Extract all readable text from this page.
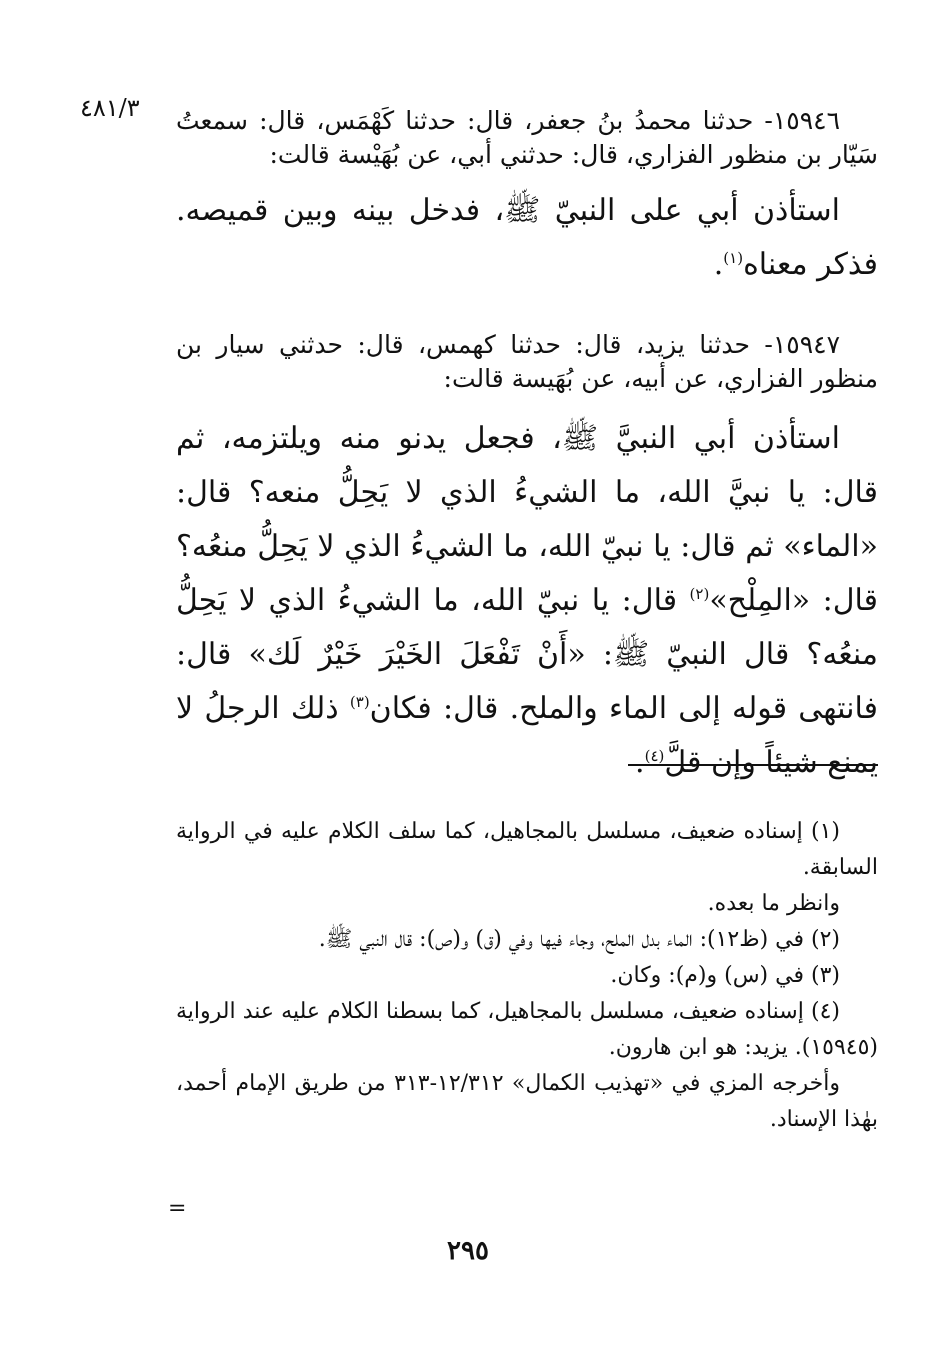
٤٨١/٣ ١٥٩٤٦- حدثنا محمدُ بنُ جعفر، قال: حدثنا كَهْمَس، قال: سمعتُ سَيّار بن منظور الفزاري، قال: حدثني أبي، عن بُهَيْسة قالت:

استأذن أبي على النبيّ ﷺ، فدخل بينه وبين قميصه. فذكر معناه$^{(١)}$.

١٥٩٤٧- حدثنا يزيد، قال: حدثنا كهمس، قال: حدثني سيار بن منظور الفزاري، عن أبيه، عن بُهَيسة قالت:

استأذن أبي النبيَّ ﷺ، فجعل يدنو منه ويلتزمه، ثم قال: يا نبيَّ الله، ما الشيءُ الذي لا يَحِلُّ منعه؟ قال: «الماء» ثم قال: يا نبيّ الله، ما الشيءُ الذي لا يَحِلُّ منعُه؟ قال: «المِلْح»$^{(٢)}$ قال: يا نبيّ الله، ما الشيءُ الذي لا يَحِلُّ منعُه؟ قال النبيّ ﷺ: «أَنْ تَفْعَلَ الخَيْرَ خَيْرٌ لَك» قال: فانتهى قوله إلى الماء والملح. قال: فكان$^{(٣)}$ ذلك الرجلُ لا يمنع شيئاً وإن قلَّ$^{(٤)}$.

(١) إسناده ضعيف، مسلسل بالمجاهيل، كما سلف الكلام عليه في الرواية السابقة.

وانظر ما بعده.

(٢) في (ظ١٢): الماء بدل الملح، وجاء فيها وفي (ق) و(ص): قال النبي ﷺ.

(٣) في (س) و(م): وكان.

(٤) إسناده ضعيف، مسلسل بالمجاهيل، كما بسطنا الكلام عليه عند الرواية (١٥٩٤٥). يزيد: هو ابن هارون.

وأخرجه المزي في «تهذيب الكمال» ١٢/٣١٢-٣١٣ من طريق الإمام أحمد، بهٰذا الإسناد.

=
٢٩٥
